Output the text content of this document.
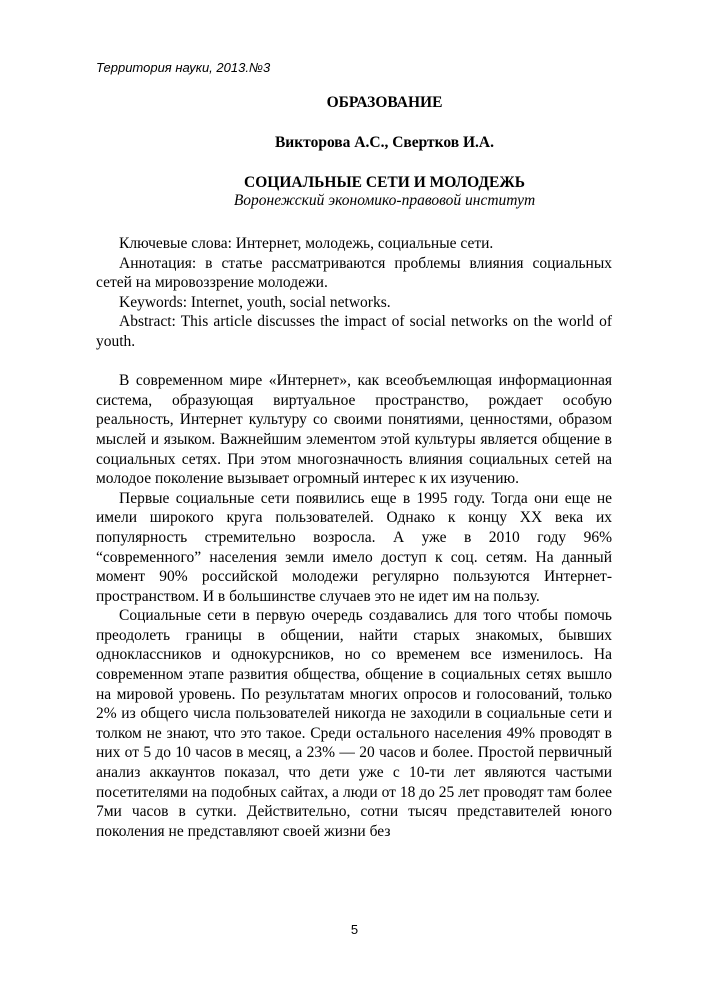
Территория науки, 2013.№3
ОБРАЗОВАНИЕ
Викторова А.С., Свертков И.А.
СОЦИАЛЬНЫЕ СЕТИ И МОЛОДЕЖЬ
Воронежский экономико-правовой институт

Ключевые слова: Интернет, молодежь, социальные сети.

Аннотация: в статье рассматриваются проблемы влияния социальных сетей на мировоззрение молодежи.

Keywords: Internet, youth, social networks.

Abstract: This article discusses the impact of social networks on the world of youth.

В современном мире «Интернет», как всеобъемлющая информационная система, образующая виртуальное пространство, рождает особую реальность, Интернет культуру со своими понятиями, ценностями, образом мыслей и языком. Важнейшим элементом этой культуры является общение в социальных сетях. При этом многозначность влияния социальных сетей на молодое поколение вызывает огромный интерес к их изучению.

Первые социальные сети появились еще в 1995 году. Тогда они еще не имели широкого круга пользователей. Однако к концу XX века их популярность стремительно возросла. А уже в 2010 году 96% “современного” населения земли имело доступ к соц. сетям. На данный момент 90% российской молодежи регулярно пользуются Интернет-пространством. И в большинстве случаев это не идет им на пользу.

Социальные сети в первую очередь создавались для того чтобы помочь преодолеть границы в общении, найти старых знакомых, бывших одноклассников и однокурсников, но со временем все изменилось. На современном этапе развития общества, общение в социальных сетях вышло на мировой уровень. По результатам многих опросов и голосований, только 2% из общего числа пользователей никогда не заходили в социальные сети и толком не знают, что это такое. Среди остального населения 49% проводят в них от 5 до 10 часов в месяц, а 23% — 20 часов и более. Простой первичный анализ аккаунтов показал, что дети уже с 10-ти лет являются частыми посетителями на подобных сайтах, а люди от 18 до 25 лет проводят там более 7ми часов в сутки. Действительно, сотни тысяч представителей юного поколения не представляют своей жизни без

5
